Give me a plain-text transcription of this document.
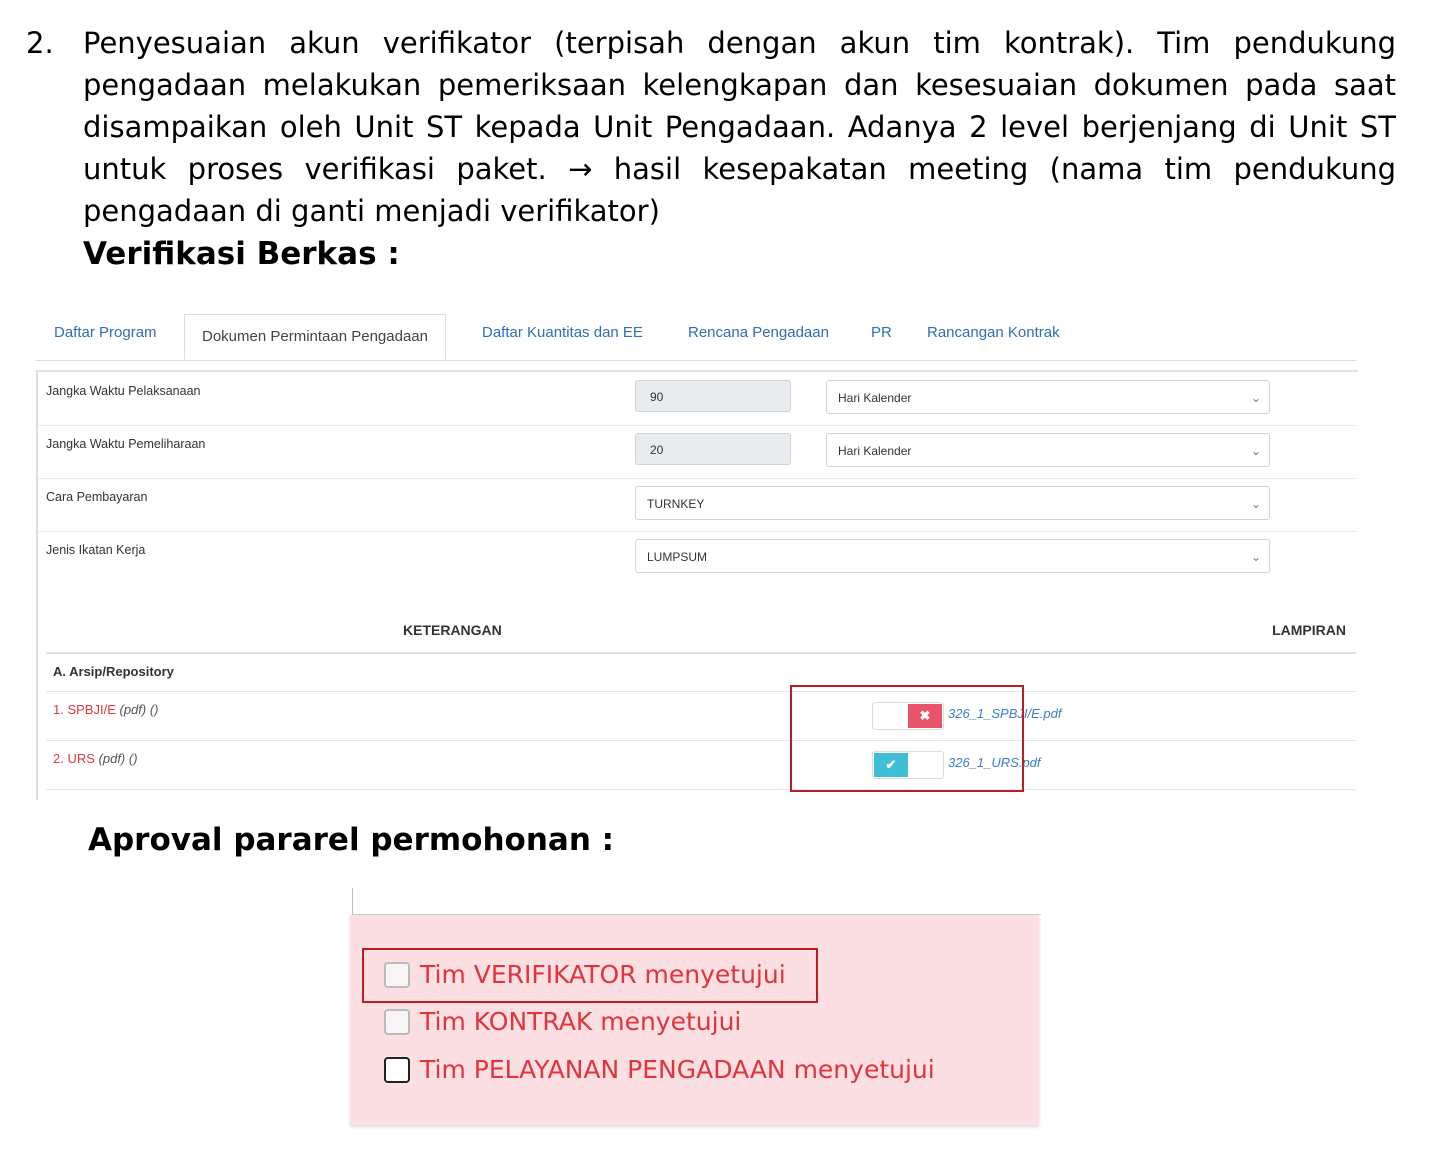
2. Penyesuaian akun verifikator (terpisah dengan akun tim kontrak). Tim pendukung pengadaan melakukan pemeriksaan kelengkapan dan kesesuaian dokumen pada saat disampaikan oleh Unit ST kepada Unit Pengadaan. Adanya 2 level berjenjang di Unit ST untuk proses verifikasi paket. → hasil kesepakatan meeting (nama tim pendukung pengadaan di ganti menjadi verifikator)
Verifikasi Berkas :
Daftar Program	Dokumen Permintaan Pengadaan	Daftar Kuantitas dan EE	Rencana Pengadaan	PR Rancangan Kontrak
Jangka Waktu Pelaksanaan	90	Hari Kalender	⌄
Jangka Waktu Pemeliharaan	20	Hari Kalender	⌄
Cara Pembayaran	TURNKEY	⌄
Jenis Ikatan Kerja	LUMPSUM	⌄
KETERANGAN	LAMPIRAN
A. Arsip/Repository
1. SPBJI/E (pdf) ()	✖	326_1_SPBJI/E.pdf
2. URS (pdf) ()	✔	326_1_URS.pdf
Aproval pararel permohonan :
Tim VERIFIKATOR menyetujui
Tim KONTRAK menyetujui
Tim PELAYANAN PENGADAAN menyetujui
